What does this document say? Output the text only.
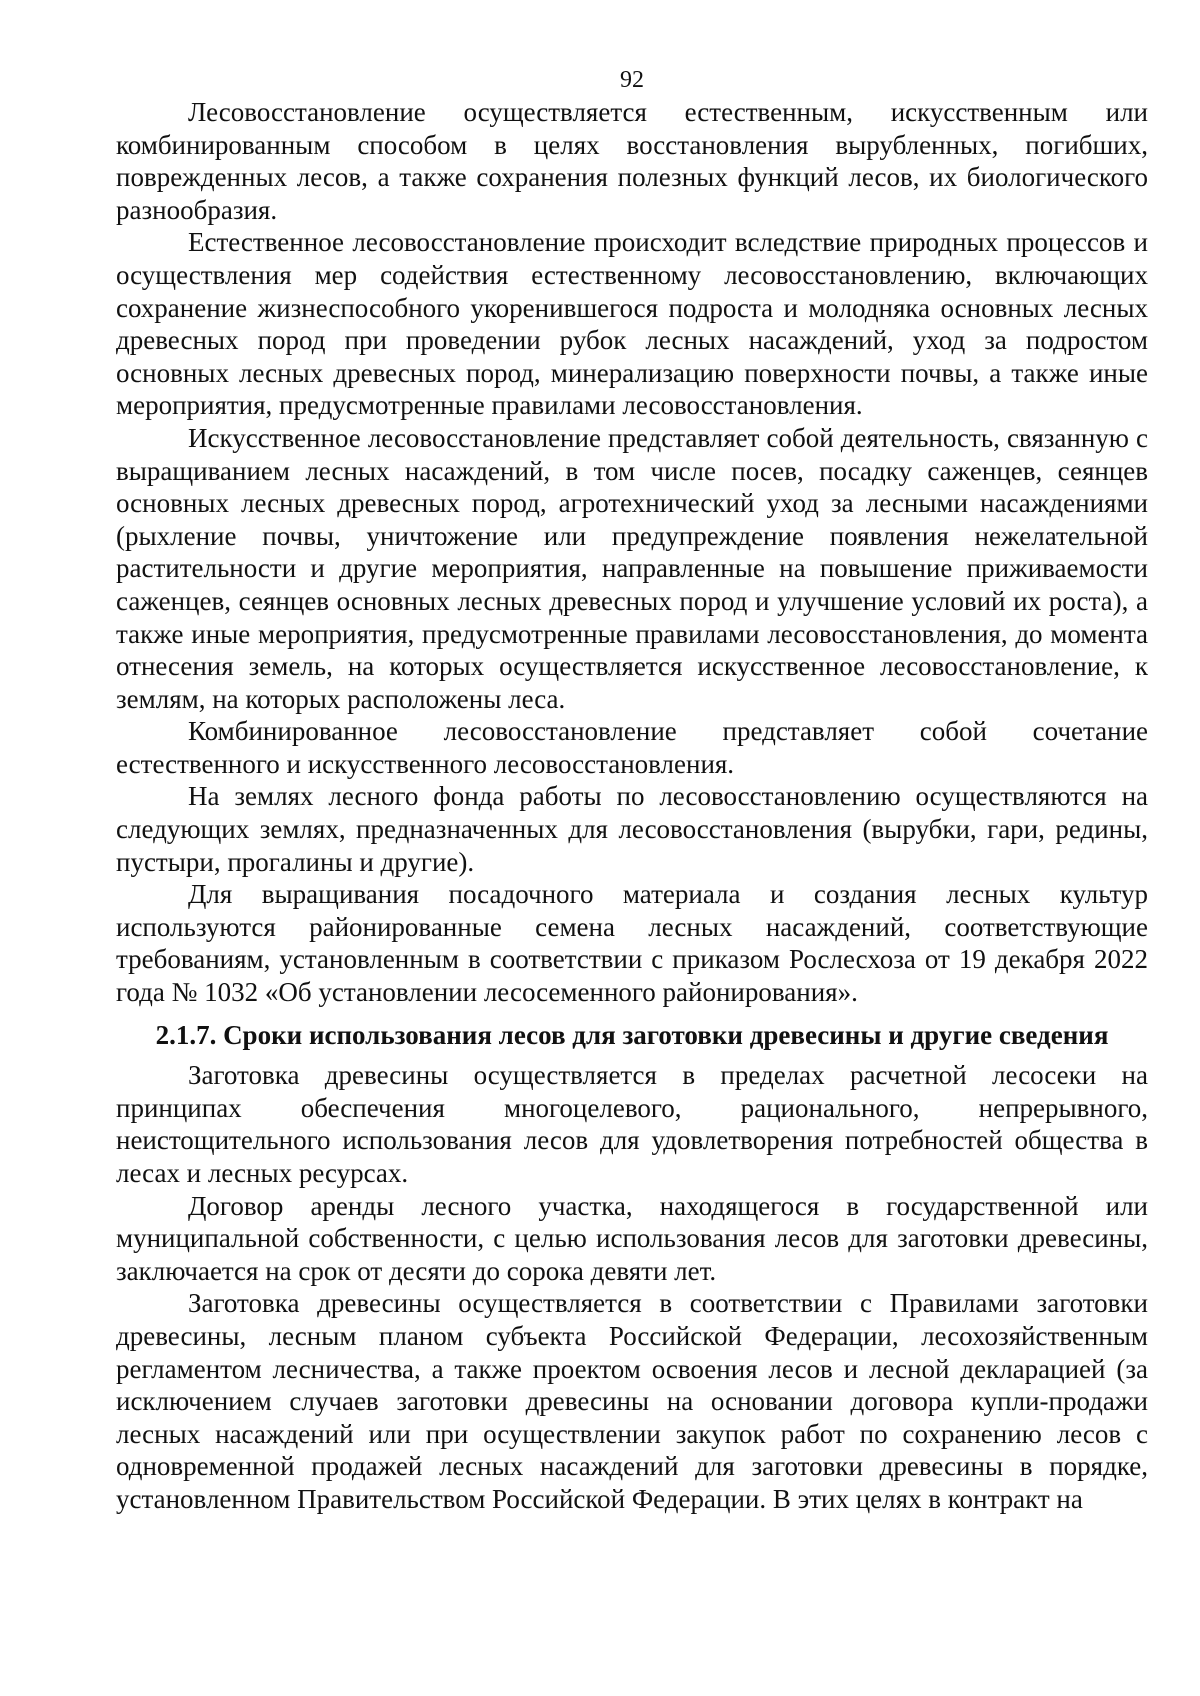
92

Лесовосстановление осуществляется естественным, искусственным или комбинированным способом в целях восстановления вырубленных, погибших, поврежденных лесов, а также сохранения полезных функций лесов, их биологического разнообразия.

Естественное лесовосстановление происходит вследствие природных процессов и осуществления мер содействия естественному лесовосстановлению, включающих сохранение жизнеспособного укоренившегося подроста и молодняка основных лесных древесных пород при проведении рубок лесных насаждений, уход за подростом основных лесных древесных пород, минерализацию поверхности почвы, а также иные мероприятия, предусмотренные правилами лесовосстановления.

Искусственное лесовосстановление представляет собой деятельность, связанную с выращиванием лесных насаждений, в том числе посев, посадку саженцев, сеянцев основных лесных древесных пород, агротехнический уход за лесными насаждениями (рыхление почвы, уничтожение или предупреждение появления нежелательной растительности и другие мероприятия, направленные на повышение приживаемости саженцев, сеянцев основных лесных древесных пород и улучшение условий их роста), а также иные мероприятия, предусмотренные правилами лесовосстановления, до момента отнесения земель, на которых осуществляется искусственное лесовосстановление, к землям, на которых расположены леса.

Комбинированное лесовосстановление представляет собой сочетание естественного и искусственного лесовосстановления.

На землях лесного фонда работы по лесовосстановлению осуществляются на следующих землях, предназначенных для лесовосстановления (вырубки, гари, редины, пустыри, прогалины и другие).

Для выращивания посадочного материала и создания лесных культур используются районированные семена лесных насаждений, соответствующие требованиям, установленным в соответствии с приказом Рослесхоза от 19 декабря 2022 года № 1032 «Об установлении лесосеменного районирования».

2.1.7. Сроки использования лесов для заготовки древесины и другие сведения

Заготовка древесины осуществляется в пределах расчетной лесосеки на принципах обеспечения многоцелевого, рационального, непрерывного, неистощительного использования лесов для удовлетворения потребностей общества в лесах и лесных ресурсах.

Договор аренды лесного участка, находящегося в государственной или муниципальной собственности, с целью использования лесов для заготовки древесины, заключается на срок от десяти до сорока девяти лет.

Заготовка древесины осуществляется в соответствии с Правилами заготовки древесины, лесным планом субъекта Российской Федерации, лесохозяйственным регламентом лесничества, а также проектом освоения лесов и лесной декларацией (за исключением случаев заготовки древесины на основании договора купли-продажи лесных насаждений или при осуществлении закупок работ по сохранению лесов с одновременной продажей лесных насаждений для заготовки древесины в порядке, установленном Правительством Российской Федерации. В этих целях в контракт на
